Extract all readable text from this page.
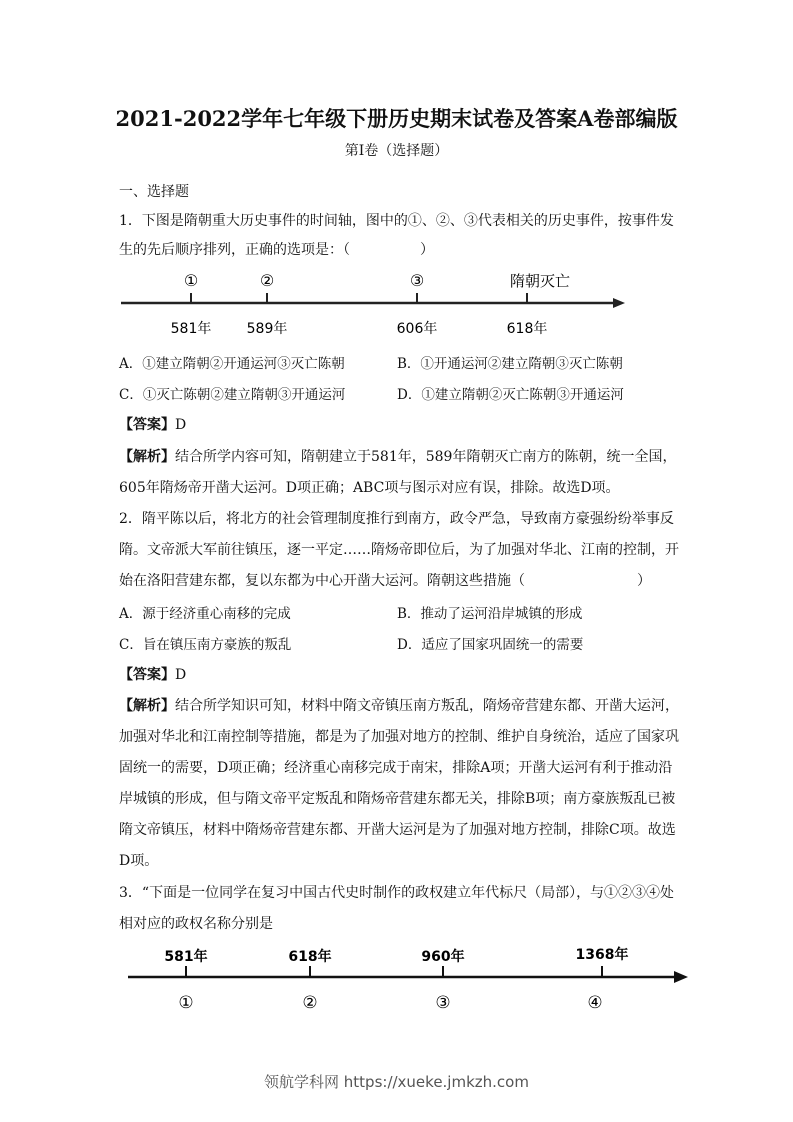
2021-2022学年七年级下册历史期末试卷及答案A卷部编版
第I卷（选择题）
一、选择题
1．下图是隋朝重大历史事件的时间轴，图中的①、②、③代表相关的历史事件，按事件发
生的先后顺序排列，正确的选项是：（　　　　　）
①	②	③	隋朝灭亡
581年	589年	606年	618年
A．①建立隋朝②开通运河③灭亡陈朝	B．①开通运河②建立隋朝③灭亡陈朝
C．①灭亡陈朝②建立隋朝③开通运河	D．①建立隋朝②灭亡陈朝③开通运河
【答案】D
【解析】结合所学内容可知，隋朝建立于581年，589年隋朝灭亡南方的陈朝，统一全国，
605年隋炀帝开凿大运河。D项正确；ABC项与图示对应有误，排除。故选D项。
2．隋平陈以后，将北方的社会管理制度推行到南方，政令严急，导致南方豪强纷纷举事反
隋。文帝派大军前往镇压，逐一平定……隋炀帝即位后，为了加强对华北、江南的控制，开
始在洛阳营建东都，复以东都为中心开凿大运河。隋朝这些措施（　　　　　　　　）
A．源于经济重心南移的完成	B．推动了运河沿岸城镇的形成
C．旨在镇压南方豪族的叛乱	D．适应了国家巩固统一的需要
【答案】D
【解析】结合所学知识可知，材料中隋文帝镇压南方叛乱，隋炀帝营建东都、开凿大运河，
加强对华北和江南控制等措施，都是为了加强对地方的控制、维护自身统治，适应了国家巩
固统一的需要，D项正确；经济重心南移完成于南宋，排除A项；开凿大运河有利于推动沿
岸城镇的形成，但与隋文帝平定叛乱和隋炀帝营建东都无关，排除B项；南方豪族叛乱已被
隋文帝镇压，材料中隋炀帝营建东都、开凿大运河是为了加强对地方控制，排除C项。故选
D项。
3．“下面是一位同学在复习中国古代史时制作的政权建立年代标尺（局部），与①②③④处
相对应的政权名称分别是
581年	618年	960年	1368年
①	②	③	④
领航学科网 https://xueke.jmkzh.com
